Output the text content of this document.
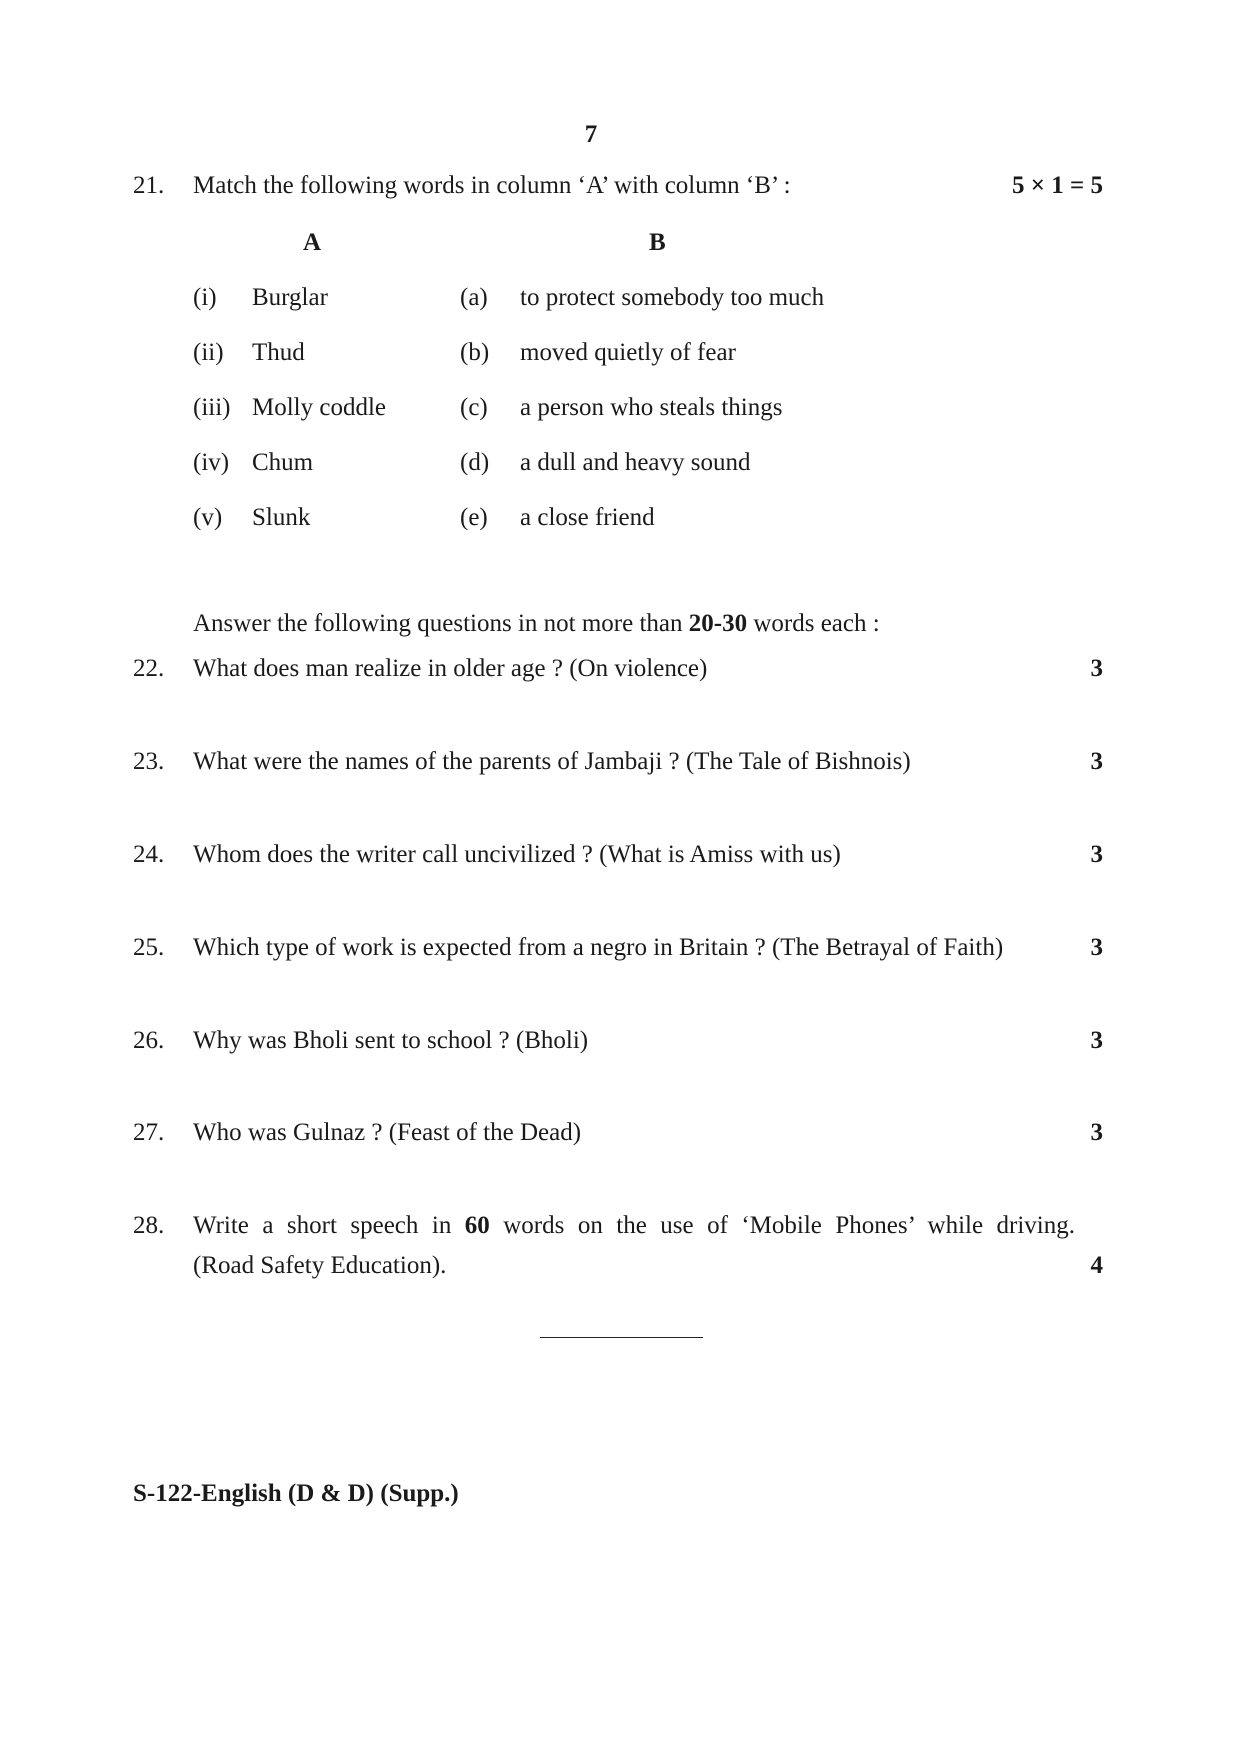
7
21. Match the following words in column ‘A’ with column ‘B’ :	5 × 1 = 5
A	B
(i) Burglar	(a) to protect somebody too much
(ii) Thud	(b) moved quietly of fear
(iii) Molly coddle	(c) a person who steals things
(iv) Chum	(d) a dull and heavy sound
(v) Slunk	(e) a close friend
Answer the following questions in not more than 20-30 words each :
22. What does man realize in older age ? (On violence)	3
23. What were the names of the parents of Jambaji ? (The Tale of Bishnois)	3
24. Whom does the writer call uncivilized ? (What is Amiss with us)	3
25. Which type of work is expected from a negro in Britain ? (The Betrayal of Faith)	3
26. Why was Bholi sent to school ? (Bholi)	3
27. Who was Gulnaz ? (Feast of the Dead)	3
28. Write a short speech in 60 words on the use of ‘Mobile Phones’ while driving.
(Road Safety Education).	4
S-122-English (D & D) (Supp.)
